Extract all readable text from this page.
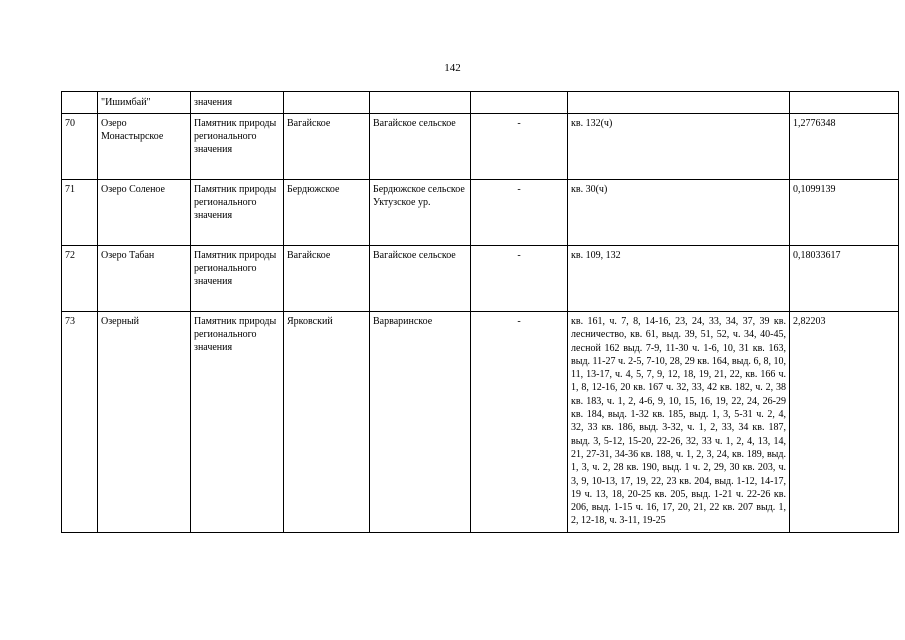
142
	"Ишимбай"	значения					
70	Озеро Монастырское	Памятник природы регионального значения	Вагайское	Вагайское сельское	-	кв. 132(ч)	1,2776348
71	Озеро Соленое	Памятник природы регионального значения	Бердюжское	Бердюжское сельское Уктузское ур.	-	кв. 30(ч)	0,1099139
72	Озеро Табан	Памятник природы регионального значения	Вагайское	Вагайское сельское	-	кв. 109, 132	0,18033617
73	Озерный	Памятник природы регионального значения	Ярковский	Варваринское	-	кв. 161, ч. 7, 8, 14-16, 23, 24, 33, 34, 37, 39 кв. лесничество, кв. 61, выд. 39, 51, 52, ч. 34, 40-45, лесной 162 выд. 7-9, 11-30 ч. 1-6, 10, 31 кв. 163, выд. 11-27 ч. 2-5, 7-10, 28, 29 кв. 164, выд. 6, 8, 10, 11, 13-17, ч. 4, 5, 7, 9, 12, 18, 19, 21, 22, кв. 166 ч. 1, 8, 12-16, 20 кв. 167 ч. 32, 33, 42 кв. 182, ч. 2, 38 кв. 183, ч. 1, 2, 4-6, 9, 10, 15, 16, 19, 22, 24, 26-29 кв. 184, выд. 1-32 кв. 185, выд. 1, 3, 5-31 ч. 2, 4, 32, 33 кв. 186, выд. 3-32, ч. 1, 2, 33, 34 кв. 187, выд. 3, 5-12, 15-20, 22-26, 32, 33 ч. 1, 2, 4, 13, 14, 21, 27-31, 34-36 кв. 188, ч. 1, 2, 3, 24, кв. 189, выд. 1, 3, ч. 2, 28 кв. 190, выд. 1 ч. 2, 29, 30 кв. 203, ч. 3, 9, 10-13, 17, 19, 22, 23 кв. 204, выд. 1-12, 14-17, 19 ч. 13, 18, 20-25 кв. 205, выд. 1-21 ч. 22-26 кв. 206, выд. 1-15 ч. 16, 17, 20, 21, 22 кв. 207 выд. 1, 2, 12-18, ч. 3-11, 19-25	2,82203
